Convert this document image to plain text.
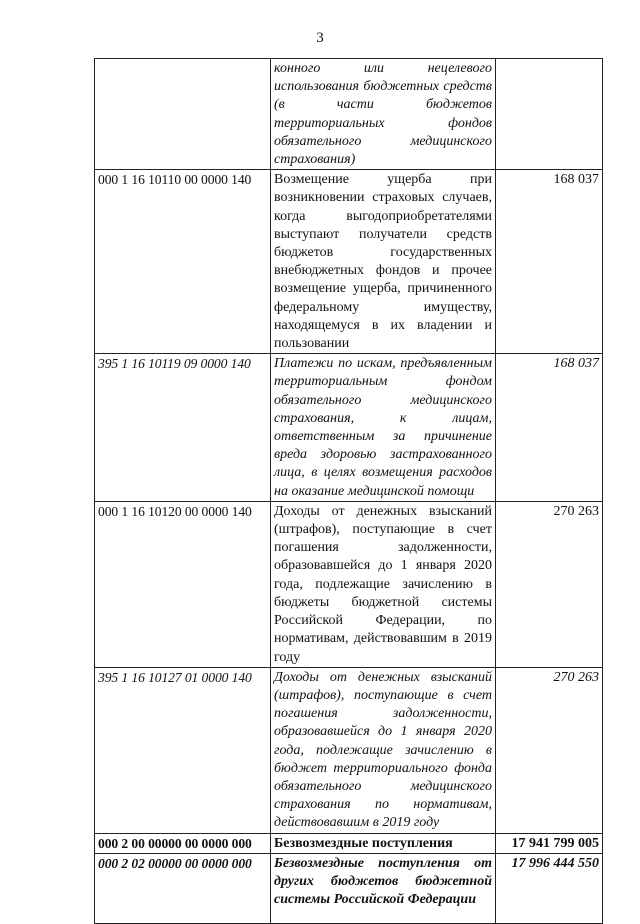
3
	конного или нецелевого использования бюджетных средств (в части бюджетов территориальных фондов обязательного медицинского страхования)	
000 1 16 10110 00 0000 140	Возмещение ущерба при возникновении страховых случаев, когда выгодоприобретателями выступают получатели средств бюджетов государственных внебюджетных фондов и прочее возмещение ущерба, причиненного федеральному имуществу, находящемуся в их владении и пользовании	168 037
395 1 16 10119 09 0000 140	Платежи по искам, предъявленным территориальным фондом обязательного медицинского страхования, к лицам, ответственным за причинение вреда здоровью застрахованного лица, в целях возмещения расходов на оказание медицинской помощи	168 037
000 1 16 10120 00 0000 140	Доходы от денежных взысканий (штрафов), поступающие в счет погашения задолженности, образовавшейся до 1 января 2020 года, подлежащие зачислению в бюджеты бюджетной системы Российской Федерации, по нормативам, действовавшим в 2019 году	270 263
395 1 16 10127 01 0000 140	Доходы от денежных взысканий (штрафов), поступающие в счет погашения задолженности, образовавшейся до 1 января 2020 года, подлежащие зачислению в бюджет территориального фонда обязательного медицинского страхования по нормативам, действовавшим в 2019 году	270 263
000 2 00 00000 00 0000 000	Безвозмездные поступления	17 941 799 005
000 2 02 00000 00 0000 000	Безвозмездные поступления от других бюджетов бюджетной системы Российской Федерации	17 996 444 550
